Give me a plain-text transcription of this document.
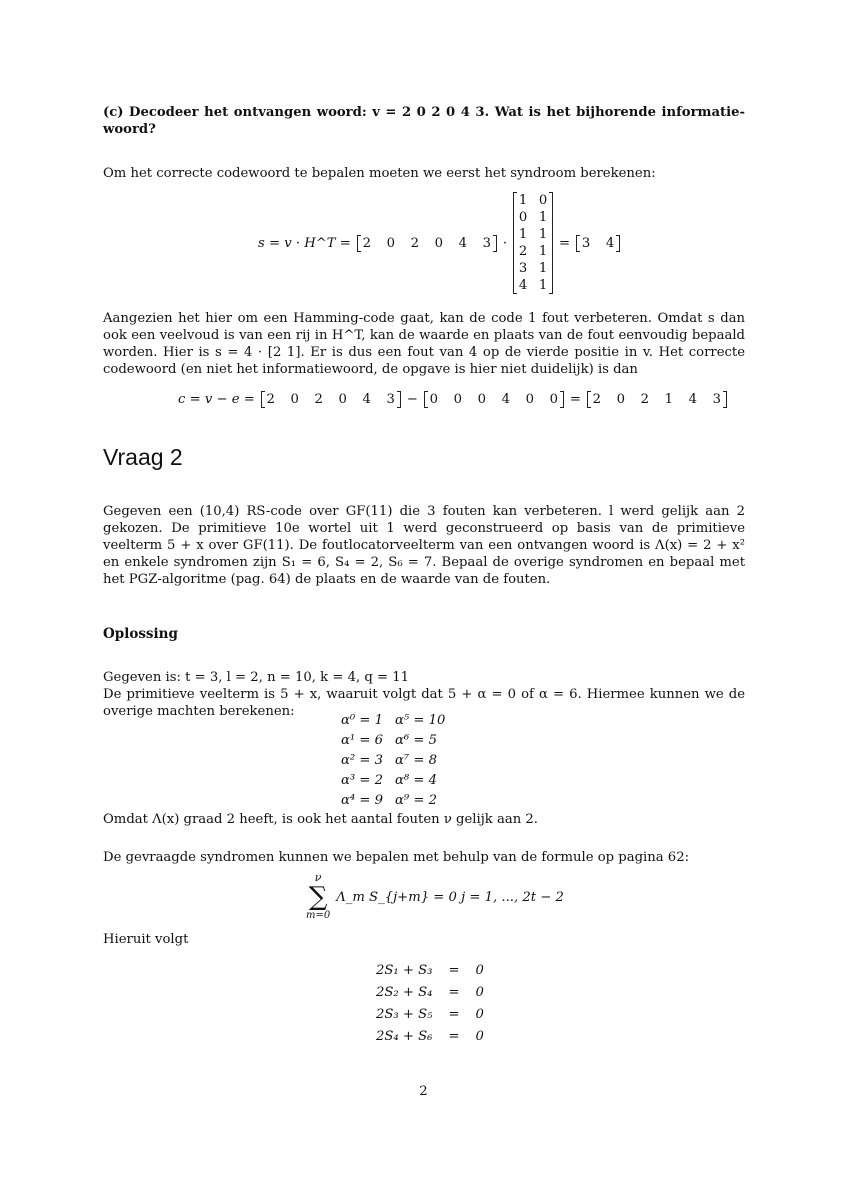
(c) Decodeer het ontvangen woord: v = 2 0 2 0 4 3. Wat is het bijhorende informatie-woord?
Om het correcte codewoord te bepalen moeten we eerst het syndroom berekenen:
s = v · H^T = 2 0 2 0 4 3 ·
1 0
0 1
1 1
2 1
3 1
4 1
= 3 4
Aangezien het hier om een Hamming-code gaat, kan de code 1 fout verbeteren. Omdat s dan ook een veelvoud is van een rij in H^T, kan de waarde en plaats van de fout eenvoudig bepaald worden. Hier is s = 4 · [2 1]. Er is dus een fout van 4 op de vierde positie in v. Het correcte codewoord (en niet het informatiewoord, de opgave is hier niet duidelijk) is dan
c = v − e = 2 0 2 0 4 3 − 0 0 0 4 0 0 = 2 0 2 1 4 3
Vraag 2
Gegeven een (10,4) RS-code over GF(11) die 3 fouten kan verbeteren. l werd gelijk aan 2 gekozen. De primitieve 10e wortel uit 1 werd geconstrueerd op basis van de primitieve veelterm 5 + x over GF(11). De foutlocatorveelterm van een ontvangen woord is Λ(x) = 2 + x² en enkele syndromen zijn S₁ = 6, S₄ = 2, S₆ = 7. Bepaal de overige syndromen en bepaal met het PGZ-algoritme (pag. 64) de plaats en de waarde van de fouten.
Oplossing
Gegeven is: t = 3, l = 2, n = 10, k = 4, q = 11
De primitieve veelterm is 5 + x, waaruit volgt dat 5 + α = 0 of α = 6. Hiermee kunnen we de overige machten berekenen:
α⁰ = 1	α⁵ = 10
α¹ = 6	α⁶ = 5
α² = 3	α⁷ = 8
α³ = 2	α⁸ = 4
α⁴ = 9	α⁹ = 2
Omdat Λ(x) graad 2 heeft, is ook het aantal fouten ν gelijk aan 2.
De gevraagde syndromen kunnen we bepalen met behulp van de formule op pagina 62:
ν
∑
m=0
Λ_m S_{j+m} = 0 j = 1, ..., 2t − 2
Hieruit volgt
2S₁ + S₃	=	0
2S₂ + S₄	=	0
2S₃ + S₅	=	0
2S₄ + S₆	=	0
2
